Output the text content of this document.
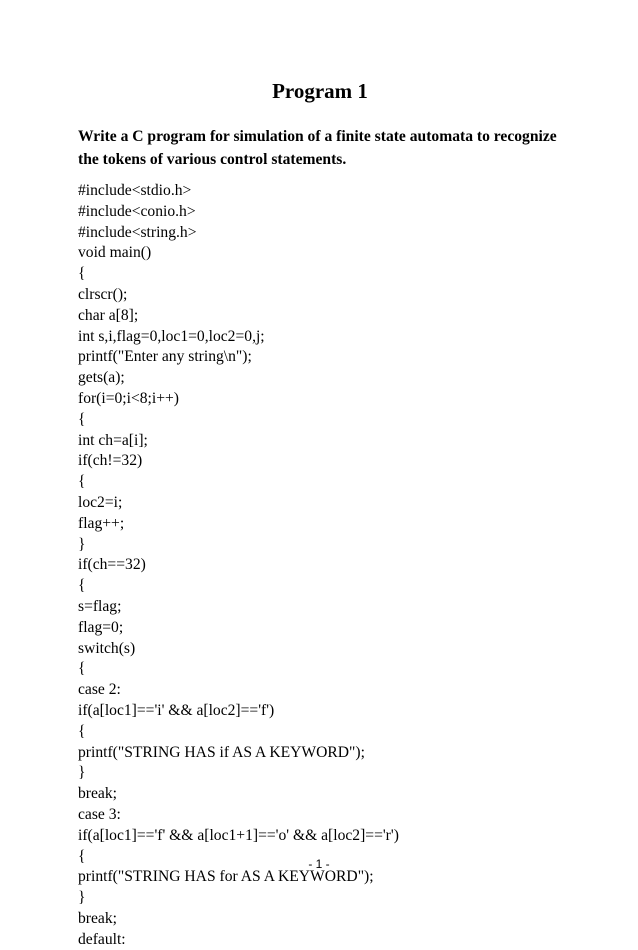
Program 1
Write a C program for simulation of a finite state automata to recognize
the tokens of various control statements.
#include<stdio.h>
#include<conio.h>
#include<string.h>
void main()
{
clrscr();
char a[8];
int s,i,flag=0,loc1=0,loc2=0,j;
printf("Enter any string\n");
gets(a);
for(i=0;i<8;i++)
{
int ch=a[i];
if(ch!=32)
{
loc2=i;
flag++;
}
if(ch==32)
{
s=flag;
flag=0;
switch(s)
{
case 2:
if(a[loc1]=='i' && a[loc2]=='f')
{
printf("STRING HAS if AS A KEYWORD");
}
break;
case 3:
if(a[loc1]=='f' && a[loc1+1]=='o' && a[loc2]=='r')
{
printf("STRING HAS for AS A KEYWORD");
}
break;
default:
- 1 -
